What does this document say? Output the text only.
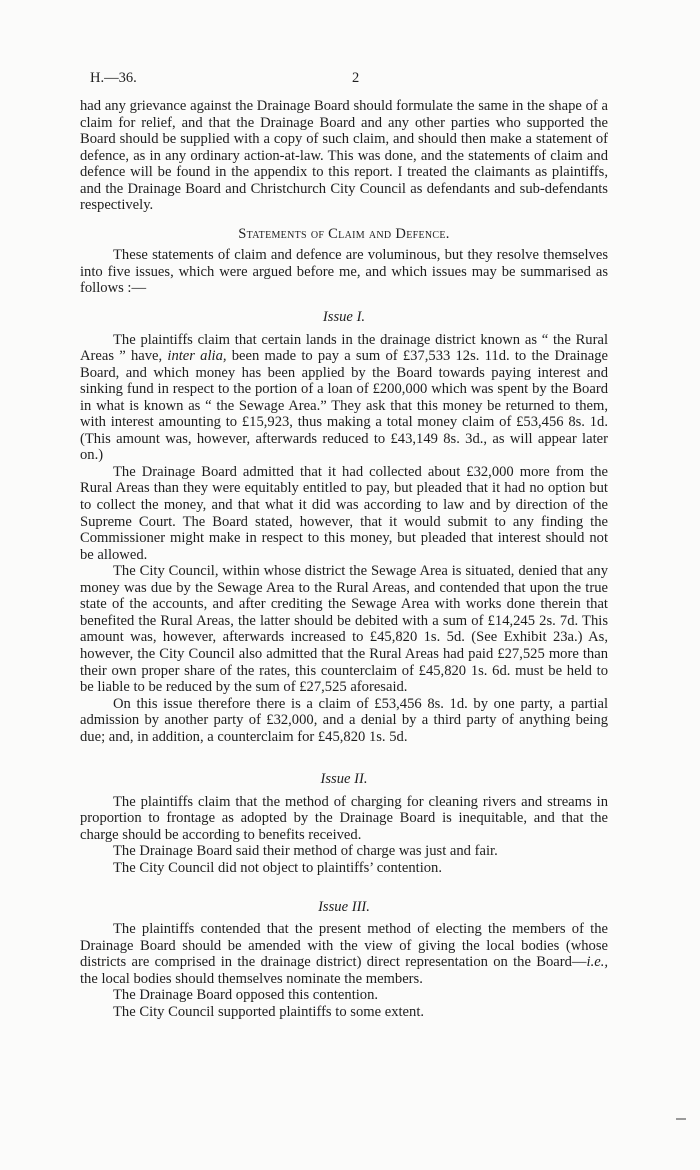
H.—36.	2

had any grievance against the Drainage Board should formulate the same in the shape of a claim for relief, and that the Drainage Board and any other parties who supported the Board should be supplied with a copy of such claim, and should then make a statement of defence, as in any ordinary action-at-law. This was done, and the statements of claim and defence will be found in the appendix to this report. I treated the claimants as plaintiffs, and the Drainage Board and Christchurch City Council as defendants and sub-defendants respectively.

Statements of Claim and Defence.

These statements of claim and defence are voluminous, but they resolve themselves into five issues, which were argued before me, and which issues may be summarised as follows :—

Issue I.

The plaintiffs claim that certain lands in the drainage district known as “ the Rural Areas ” have, inter alia, been made to pay a sum of £37,533 12s. 11d. to the Drainage Board, and which money has been applied by the Board towards paying interest and sinking fund in respect to the portion of a loan of £200,000 which was spent by the Board in what is known as “ the Sewage Area.” They ask that this money be returned to them, with interest amounting to £15,923, thus making a total money claim of £53,456 8s. 1d. (This amount was, however, afterwards reduced to £43,149 8s. 3d., as will appear later on.)

The Drainage Board admitted that it had collected about £32,000 more from the Rural Areas than they were equitably entitled to pay, but pleaded that it had no option but to collect the money, and that what it did was according to law and by direction of the Supreme Court. The Board stated, however, that it would submit to any finding the Commissioner might make in respect to this money, but pleaded that interest should not be allowed.

The City Council, within whose district the Sewage Area is situated, denied that any money was due by the Sewage Area to the Rural Areas, and contended that upon the true state of the accounts, and after crediting the Sewage Area with works done therein that benefited the Rural Areas, the latter should be debited with a sum of £14,245 2s. 7d. This amount was, however, afterwards increased to £45,820 1s. 5d. (See Exhibit 23a.) As, however, the City Council also admitted that the Rural Areas had paid £27,525 more than their own proper share of the rates, this counterclaim of £45,820 1s. 6d. must be held to be liable to be reduced by the sum of £27,525 aforesaid.

On this issue therefore there is a claim of £53,456 8s. 1d. by one party, a partial admission by another party of £32,000, and a denial by a third party of anything being due; and, in addition, a counterclaim for £45,820 1s. 5d.

Issue II.

The plaintiffs claim that the method of charging for cleaning rivers and streams in proportion to frontage as adopted by the Drainage Board is inequitable, and that the charge should be according to benefits received.

The Drainage Board said their method of charge was just and fair.

The City Council did not object to plaintiffs’ contention.

Issue III.

The plaintiffs contended that the present method of electing the members of the Drainage Board should be amended with the view of giving the local bodies (whose districts are comprised in the drainage district) direct representation on the Board—i.e., the local bodies should themselves nominate the members.

The Drainage Board opposed this contention.

The City Council supported plaintiffs to some extent.
